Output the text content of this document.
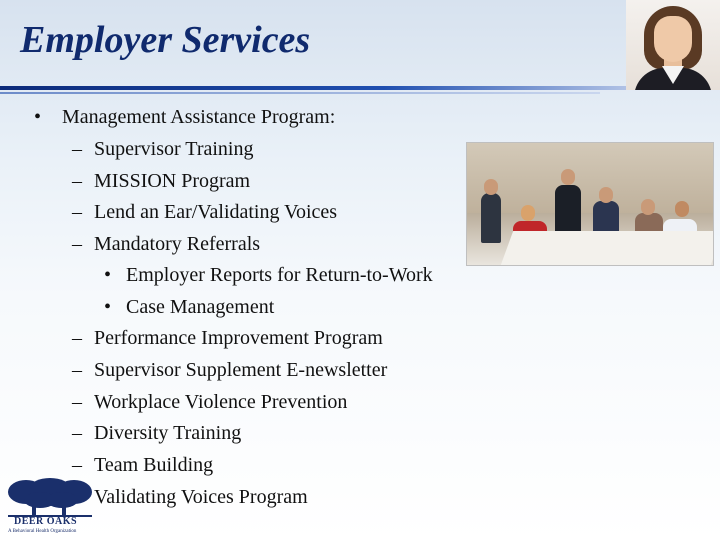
Employer Services
• Management Assistance Program:
– Supervisor Training
– MISSION Program
– Lend an Ear/Validating Voices
– Mandatory Referrals
• Employer Reports for Return-to-Work
• Case Management
– Performance Improvement Program
– Supervisor Supplement E-newsletter
– Workplace Violence Prevention
– Diversity Training
– Team Building
Validating Voices Program
DEER OAKS
A Behavioral Health Organization
